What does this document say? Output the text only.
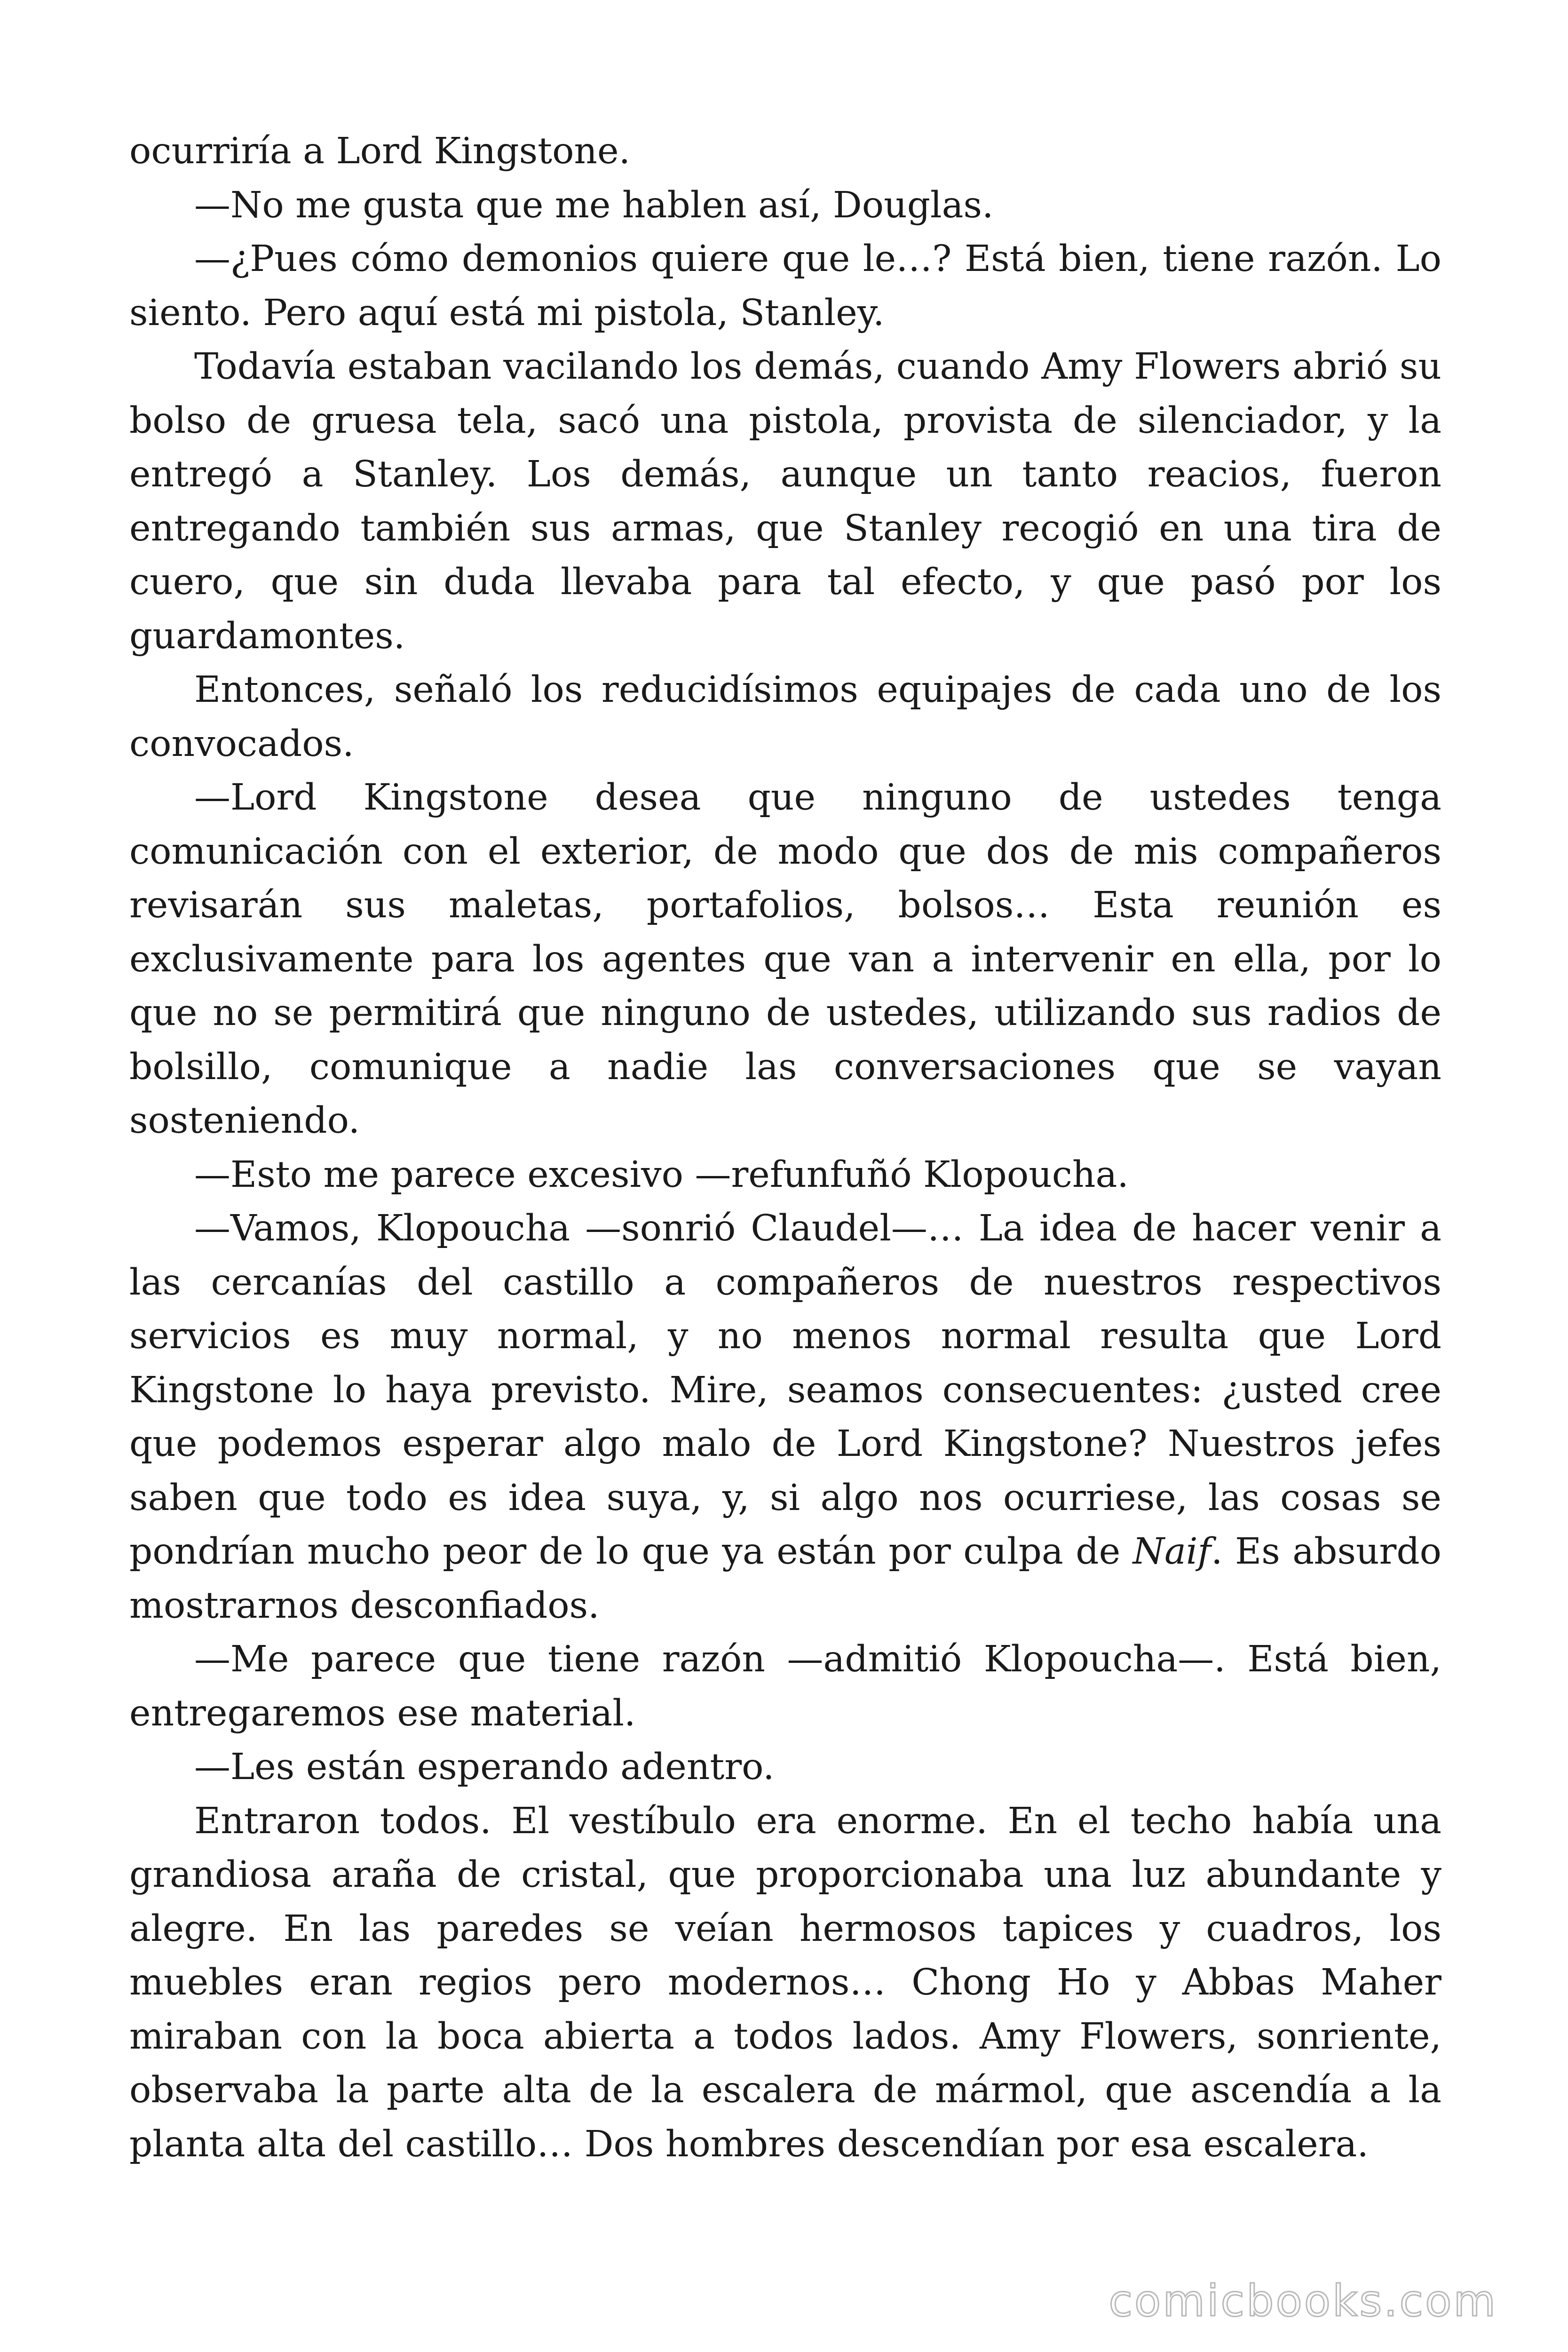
ocurriría a Lord Kingstone.

—No me gusta que me hablen así, Douglas.

—¿Pues cómo demonios quiere que le…? Está bien, tiene razón. Lo siento. Pero aquí está mi pistola, Stanley.

Todavía estaban vacilando los demás, cuando Amy Flowers abrió su bolso de gruesa tela, sacó una pistola, provista de silenciador, y la entregó a Stanley. Los demás, aunque un tanto reacios, fueron entregando también sus armas, que Stanley recogió en una tira de cuero, que sin duda llevaba para tal efecto, y que pasó por los guardamontes.

Entonces, señaló los reducidísimos equipajes de cada uno de los convocados.

—Lord Kingstone desea que ninguno de ustedes tenga comunicación con el exterior, de modo que dos de mis compañeros revisarán sus maletas, portafolios, bolsos… Esta reunión es exclusivamente para los agentes que van a intervenir en ella, por lo que no se permitirá que ninguno de ustedes, utilizando sus radios de bolsillo, comunique a nadie las conversaciones que se vayan sosteniendo.

—Esto me parece excesivo —refunfuñó Klopoucha.

—Vamos, Klopoucha —sonrió Claudel—… La idea de hacer venir a las cercanías del castillo a compañeros de nuestros respectivos servicios es muy normal, y no menos normal resulta que Lord Kingstone lo haya previsto. Mire, seamos consecuentes: ¿usted cree que podemos esperar algo malo de Lord Kingstone? Nuestros jefes saben que todo es idea suya, y, si algo nos ocurriese, las cosas se pondrían mucho peor de lo que ya están por culpa de Naif. Es absurdo mostrarnos desconfiados.

—Me parece que tiene razón —admitió Klopoucha—. Está bien, entregaremos ese material.

—Les están esperando adentro.

Entraron todos. El vestíbulo era enorme. En el techo había una grandiosa araña de cristal, que proporcionaba una luz abundante y alegre. En las paredes se veían hermosos tapices y cuadros, los muebles eran regios pero modernos… Chong Ho y Abbas Maher miraban con la boca abierta a todos lados. Amy Flowers, sonriente, observaba la parte alta de la escalera de mármol, que ascendía a la planta alta del castillo… Dos hombres descendían por esa escalera.

comicbooks.com
